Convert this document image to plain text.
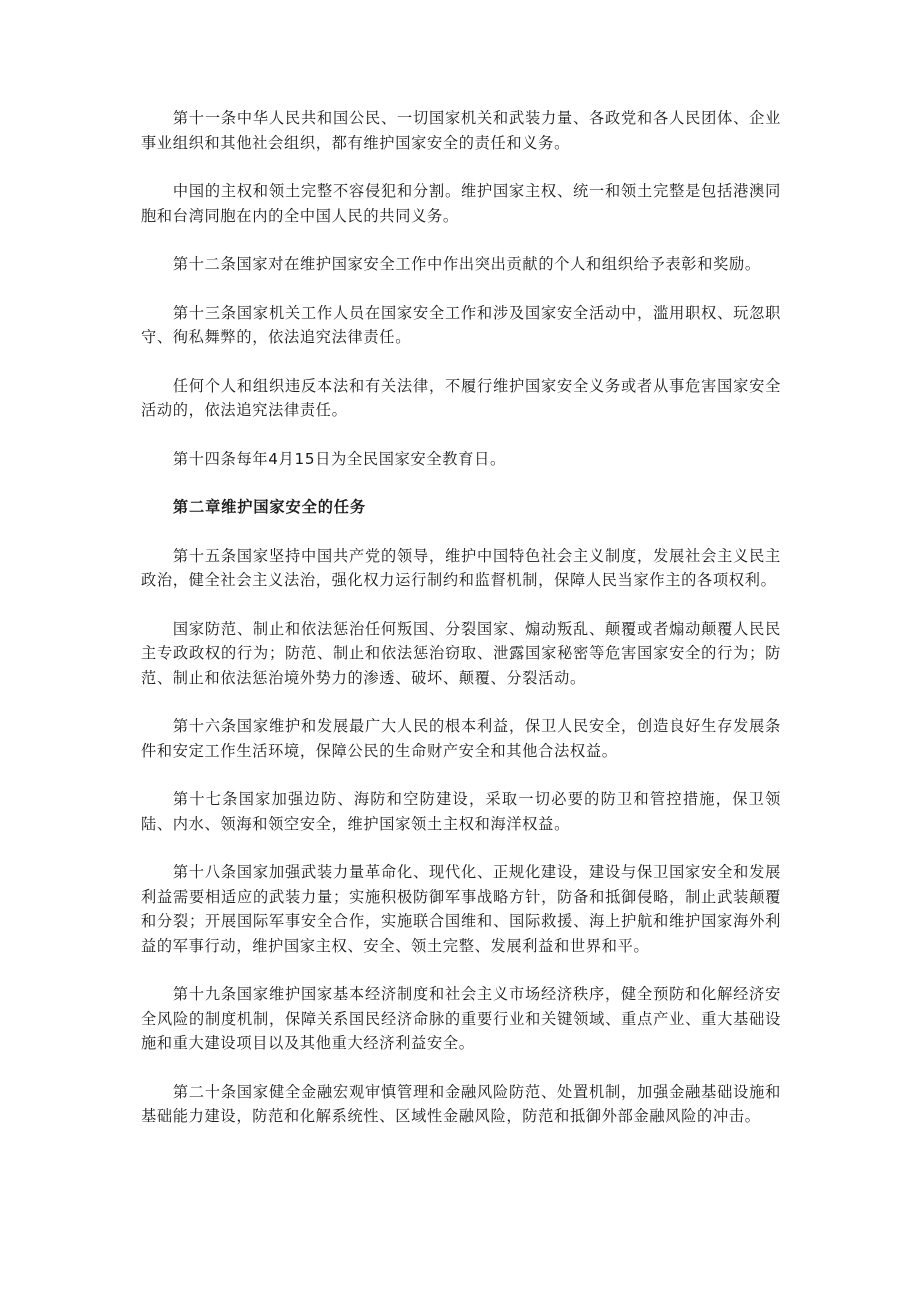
第十一条中华人民共和国公民、一切国家机关和武装力量、各政党和各人民团体、企业事业组织和其他社会组织，都有维护国家安全的责任和义务。

中国的主权和领土完整不容侵犯和分割。维护国家主权、统一和领土完整是包括港澳同胞和台湾同胞在内的全中国人民的共同义务。

第十二条国家对在维护国家安全工作中作出突出贡献的个人和组织给予表彰和奖励。

第十三条国家机关工作人员在国家安全工作和涉及国家安全活动中，滥用职权、玩忽职守、徇私舞弊的，依法追究法律责任。

任何个人和组织违反本法和有关法律，不履行维护国家安全义务或者从事危害国家安全活动的，依法追究法律责任。

第十四条每年4月15日为全民国家安全教育日。

第二章维护国家安全的任务

第十五条国家坚持中国共产党的领导，维护中国特色社会主义制度，发展社会主义民主政治，健全社会主义法治，强化权力运行制约和监督机制，保障人民当家作主的各项权利。

国家防范、制止和依法惩治任何叛国、分裂国家、煽动叛乱、颠覆或者煽动颠覆人民民主专政政权的行为；防范、制止和依法惩治窃取、泄露国家秘密等危害国家安全的行为；防范、制止和依法惩治境外势力的渗透、破坏、颠覆、分裂活动。

第十六条国家维护和发展最广大人民的根本利益，保卫人民安全，创造良好生存发展条件和安定工作生活环境，保障公民的生命财产安全和其他合法权益。

第十七条国家加强边防、海防和空防建设，采取一切必要的防卫和管控措施，保卫领陆、内水、领海和领空安全，维护国家领土主权和海洋权益。

第十八条国家加强武装力量革命化、现代化、正规化建设，建设与保卫国家安全和发展利益需要相适应的武装力量；实施积极防御军事战略方针，防备和抵御侵略，制止武装颠覆和分裂；开展国际军事安全合作，实施联合国维和、国际救援、海上护航和维护国家海外利益的军事行动，维护国家主权、安全、领土完整、发展利益和世界和平。

第十九条国家维护国家基本经济制度和社会主义市场经济秩序，健全预防和化解经济安全风险的制度机制，保障关系国民经济命脉的重要行业和关键领域、重点产业、重大基础设施和重大建设项目以及其他重大经济利益安全。

第二十条国家健全金融宏观审慎管理和金融风险防范、处置机制，加强金融基础设施和基础能力建设，防范和化解系统性、区域性金融风险，防范和抵御外部金融风险的冲击。
